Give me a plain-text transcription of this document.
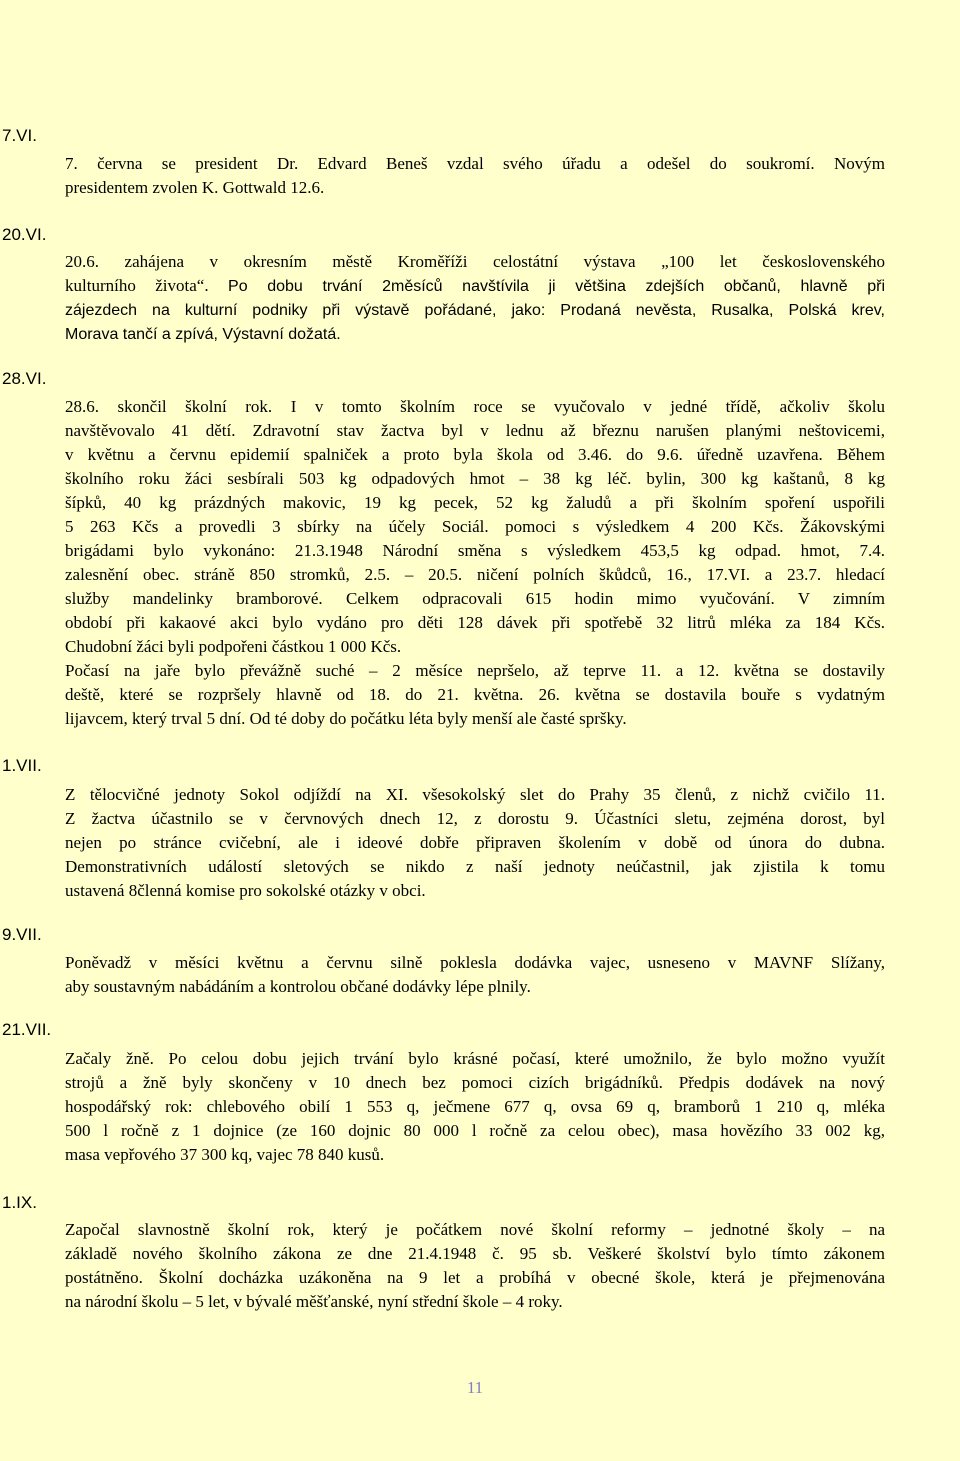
7.VI.
20.VI.
28.VI.
1.VII.
9.VII.
21.VII.
1.IX.
7. června se president Dr. Edvard Beneš vzdal svého úřadu a odešel do soukromí. Novým
presidentem zvolen K. Gottwald 12.6.
20.6. zahájena v okresním městě Kroměříži celostátní výstava „100 let československého
kulturního života“. Po dobu trvání 2měsíců navštívila ji většina zdejších občanů, hlavně při
zájezdech na kulturní podniky při výstavě pořádané, jako: Prodaná nevěsta, Rusalka, Polská krev,
Morava tančí a zpívá, Výstavní dožatá.
28.6. skončil školní rok. I v tomto školním roce se vyučovalo v jedné třídě, ačkoliv školu
navštěvovalo 41 dětí. Zdravotní stav žactva byl v lednu až březnu narušen planými neštovicemi,
v květnu a červnu epidemií spalniček a proto byla škola od 3.46. do 9.6. úředně uzavřena. Během
školního roku žáci sesbírali 503 kg odpadových hmot – 38 kg léč. bylin, 300 kg kaštanů, 8 kg
šípků, 40 kg prázdných makovic, 19 kg pecek, 52 kg žaludů a při školním spoření uspořili
5 263 Kčs a provedli 3 sbírky na účely Sociál. pomoci s výsledkem 4 200 Kčs. Žákovskými
brigádami bylo vykonáno: 21.3.1948 Národní směna s výsledkem 453,5 kg odpad. hmot, 7.4.
zalesnění obec. stráně 850 stromků, 2.5. – 20.5. ničení polních škůdců, 16., 17.VI. a 23.7. hledací
služby mandelinky bramborové. Celkem odpracovali 615 hodin mimo vyučování. V zimním
období při kakaové akci bylo vydáno pro děti 128 dávek při spotřebě 32 litrů mléka za 184 Kčs.
Chudobní žáci byli podpořeni částkou 1 000 Kčs.
Počasí na jaře bylo převážně suché – 2 měsíce nepršelo, až teprve 11. a 12. května se dostavily
deště, které se rozpršely hlavně od 18. do 21. května. 26. května se dostavila bouře s vydatným
lijavcem, který trval 5 dní. Od té doby do počátku léta byly menší ale časté spršky.
Z tělocvičné jednoty Sokol odjíždí na XI. všesokolský slet do Prahy 35 členů, z nichž cvičilo 11.
Z žactva účastnilo se v červnových dnech 12, z dorostu 9. Účastníci sletu, zejména dorost, byl
nejen po stránce cvičební, ale i ideové dobře připraven školením v době od února do dubna.
Demonstrativních událostí sletových se nikdo z naší jednoty neúčastnil, jak zjistila k tomu
ustavená 8členná komise pro sokolské otázky v obci.
Poněvadž v měsíci květnu a červnu silně poklesla dodávka vajec, usneseno v MAVNF Slížany,
aby soustavným nabádáním a kontrolou občané dodávky lépe plnily.
Začaly žně. Po celou dobu jejich trvání bylo krásné počasí, které umožnilo, že bylo možno využít
strojů a žně byly skončeny v 10 dnech bez pomoci cizích brigádníků. Předpis dodávek na nový
hospodářský rok: chlebového obilí 1 553 q, ječmene 677 q, ovsa 69 q, bramborů 1 210 q, mléka
500 l ročně z 1 dojnice (ze 160 dojnic 80 000 l ročně za celou obec), masa hovězího 33 002 kg,
masa vepřového 37 300 kq, vajec 78 840 kusů.
Započal slavnostně školní rok, který je počátkem nové školní reformy – jednotné školy – na
základě nového školního zákona ze dne 21.4.1948 č. 95 sb. Veškeré školství bylo tímto zákonem
postátněno. Školní docházka uzákoněna na 9 let a probíhá v obecné škole, která je přejmenována
na národní školu – 5 let, v bývalé měšťanské, nyní střední škole – 4 roky.
11
